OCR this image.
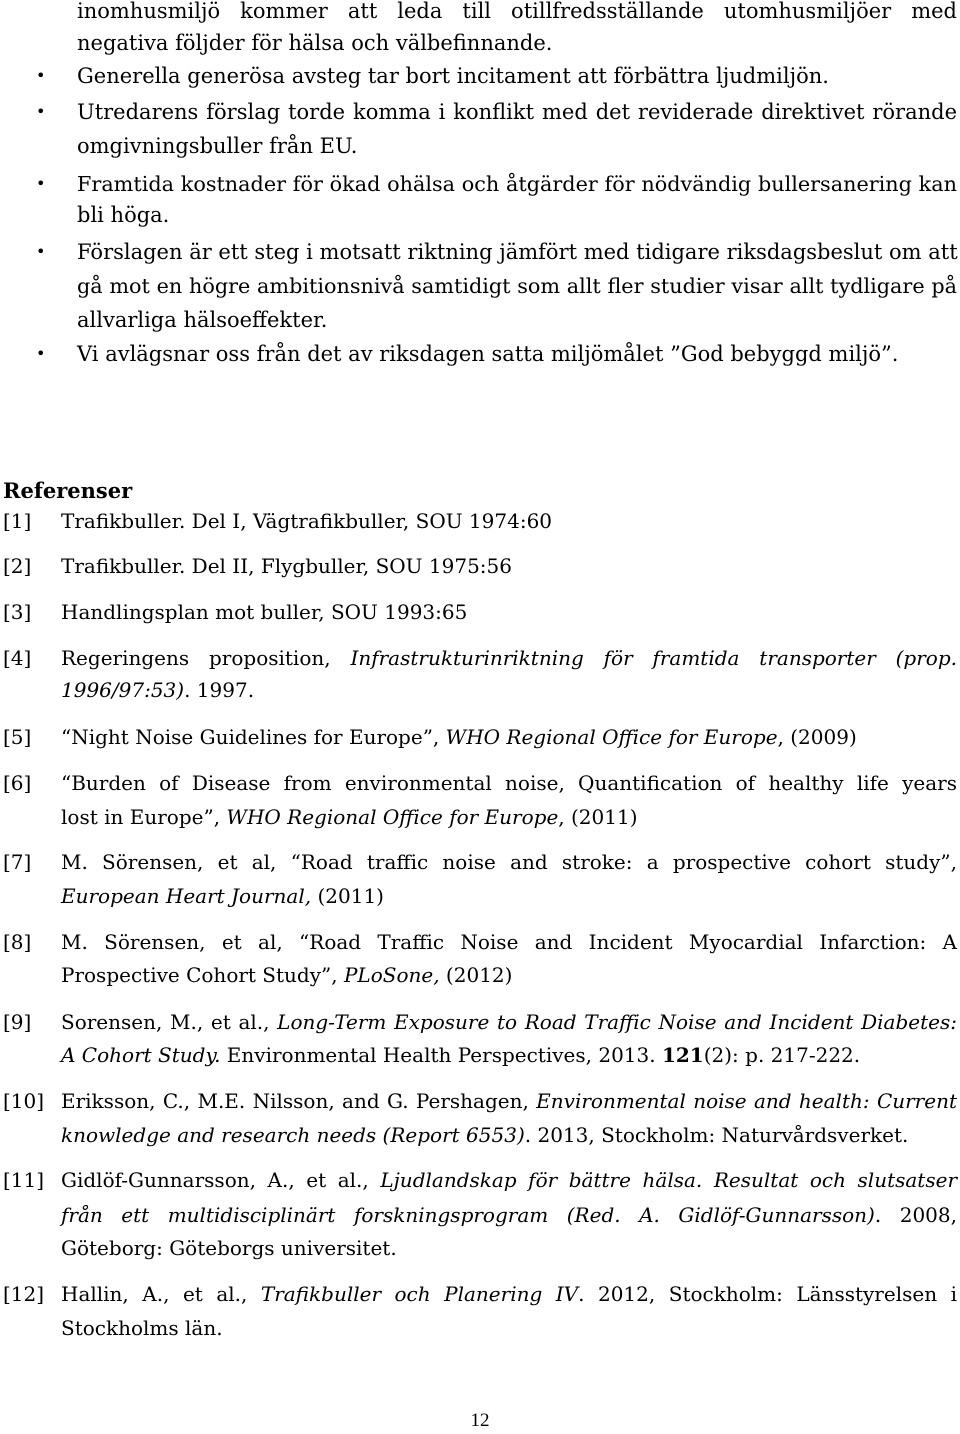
inomhusmiljö kommer att leda till otillfredsställande utomhusmiljöer med
negativa följder för hälsa och välbefinnande.
• Generella generösa avsteg tar bort incitament att förbättra ljudmiljön.
• Utredarens förslag torde komma i konflikt med det reviderade direktivet rörande
omgivningsbuller från EU.
• Framtida kostnader för ökad ohälsa och åtgärder för nödvändig bullersanering kan
bli höga.
• Förslagen är ett steg i motsatt riktning jämfört med tidigare riksdagsbeslut om att
gå mot en högre ambitionsnivå samtidigt som allt fler studier visar allt tydligare på
allvarliga hälsoeffekter.
• Vi avlägsnar oss från det av riksdagen satta miljömålet ”God bebyggd miljö”.
Referenser
[1] Trafikbuller. Del I, Vägtrafikbuller, SOU 1974:60
[2] Trafikbuller. Del II, Flygbuller, SOU 1975:56
[3] Handlingsplan mot buller, SOU 1993:65
[4] Regeringens proposition, Infrastrukturinriktning för framtida transporter (prop.
1996/97:53). 1997.
[5] “Night Noise Guidelines for Europe”, WHO Regional Office for Europe, (2009)
[6] “Burden of Disease from environmental noise, Quantification of healthy life years
lost in Europe”, WHO Regional Office for Europe, (2011)
[7] M. Sörensen, et al, “Road traffic noise and stroke: a prospective cohort study”,
European Heart Journal, (2011)
[8] M. Sörensen, et al, “Road Traffic Noise and Incident Myocardial Infarction: A
Prospective Cohort Study”, PLoSone, (2012)
[9] Sorensen, M., et al., Long-Term Exposure to Road Traffic Noise and Incident Diabetes:
A Cohort Study. Environmental Health Perspectives, 2013. 121(2): p. 217-222.
[10] Eriksson, C., M.E. Nilsson, and G. Pershagen, Environmental noise and health: Current
knowledge and research needs (Report 6553). 2013, Stockholm: Naturvårdsverket.
[11] Gidlöf-Gunnarsson, A., et al., Ljudlandskap för bättre hälsa. Resultat och slutsatser
från ett multidisciplinärt forskningsprogram (Red. A. Gidlöf-Gunnarsson). 2008,
Göteborg: Göteborgs universitet.
[12] Hallin, A., et al., Trafikbuller och Planering IV. 2012, Stockholm: Länsstyrelsen i
Stockholms län.
12
